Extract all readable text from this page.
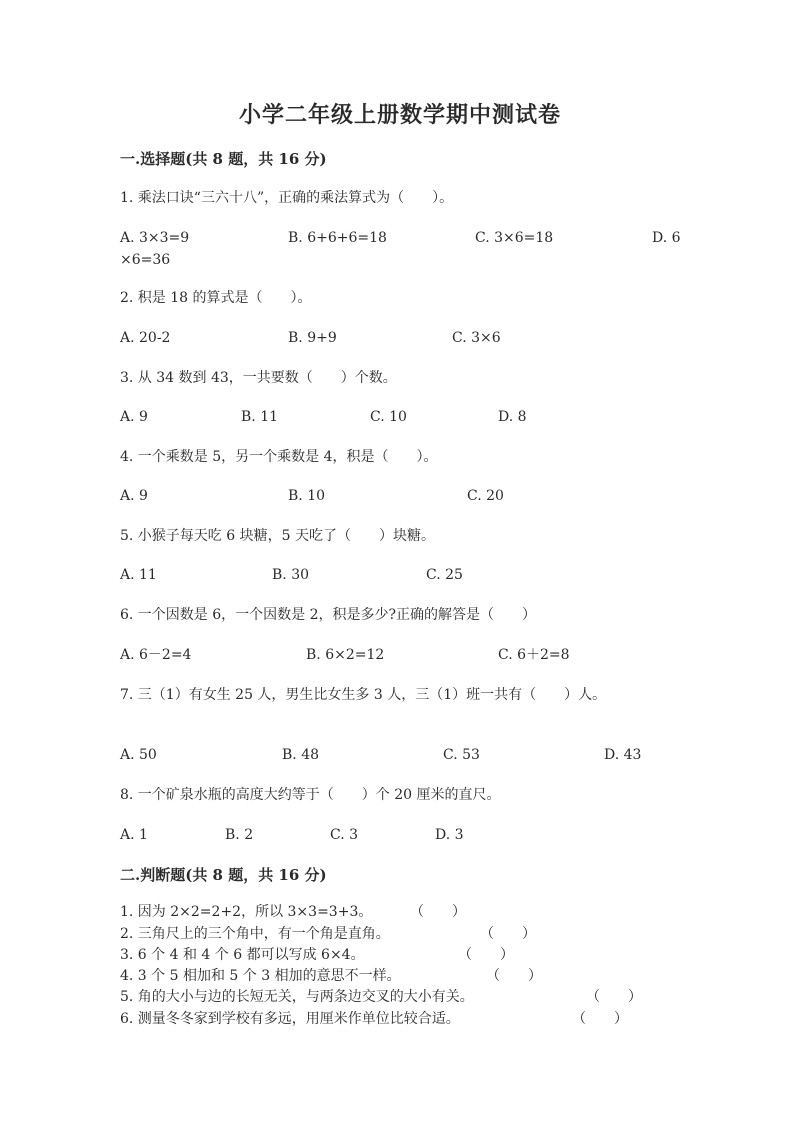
小学二年级上册数学期中测试卷
一.选择题(共 8 题，共 16 分)

1. 乘法口诀“三六十八”，正确的乘法算式为（　　）。

A. 3×3=9	B. 6+6+6=18	C. 3×6=18	D. 6
×6=36

2. 积是 18 的算式是（　　）。

A. 20-2	B. 9+9	C. 3×6

3. 从 34 数到 43，一共要数（　　）个数。

A. 9	B. 11	C. 10	D. 8

4. 一个乘数是 5，另一个乘数是 4，积是（　　）。

A. 9	B. 10	C. 20

5. 小猴子每天吃 6 块糖，5 天吃了（　　）块糖。

A. 11	B. 30	C. 25

6. 一个因数是 6，一个因数是 2，积是多少?正确的解答是（　　）

A. 6－2=4	B. 6×2=12	C. 6＋2=8

7. 三（1）有女生 25 人，男生比女生多 3 人，三（1）班一共有（　　）人。

A. 50	B. 48	C. 53	D. 43

8. 一个矿泉水瓶的高度大约等于（　　）个 20 厘米的直尺。

A. 1	B. 2	C. 3	D. 3
二.判断题(共 8 题，共 16 分)
1. 因为 2×2=2+2，所以 3×3=3+3。	（　　）
2. 三角尺上的三个角中，有一个角是直角。	（　　）
3. 6 个 4 和 4 个 6 都可以写成 6×4。	（　　）
4. 3 个 5 相加和 5 个 3 相加的意思不一样。	（　　）
5. 角的大小与边的长短无关，与两条边交叉的大小有关。	（　　）
6. 测量冬冬家到学校有多远，用厘米作单位比较合适。	（　　）
